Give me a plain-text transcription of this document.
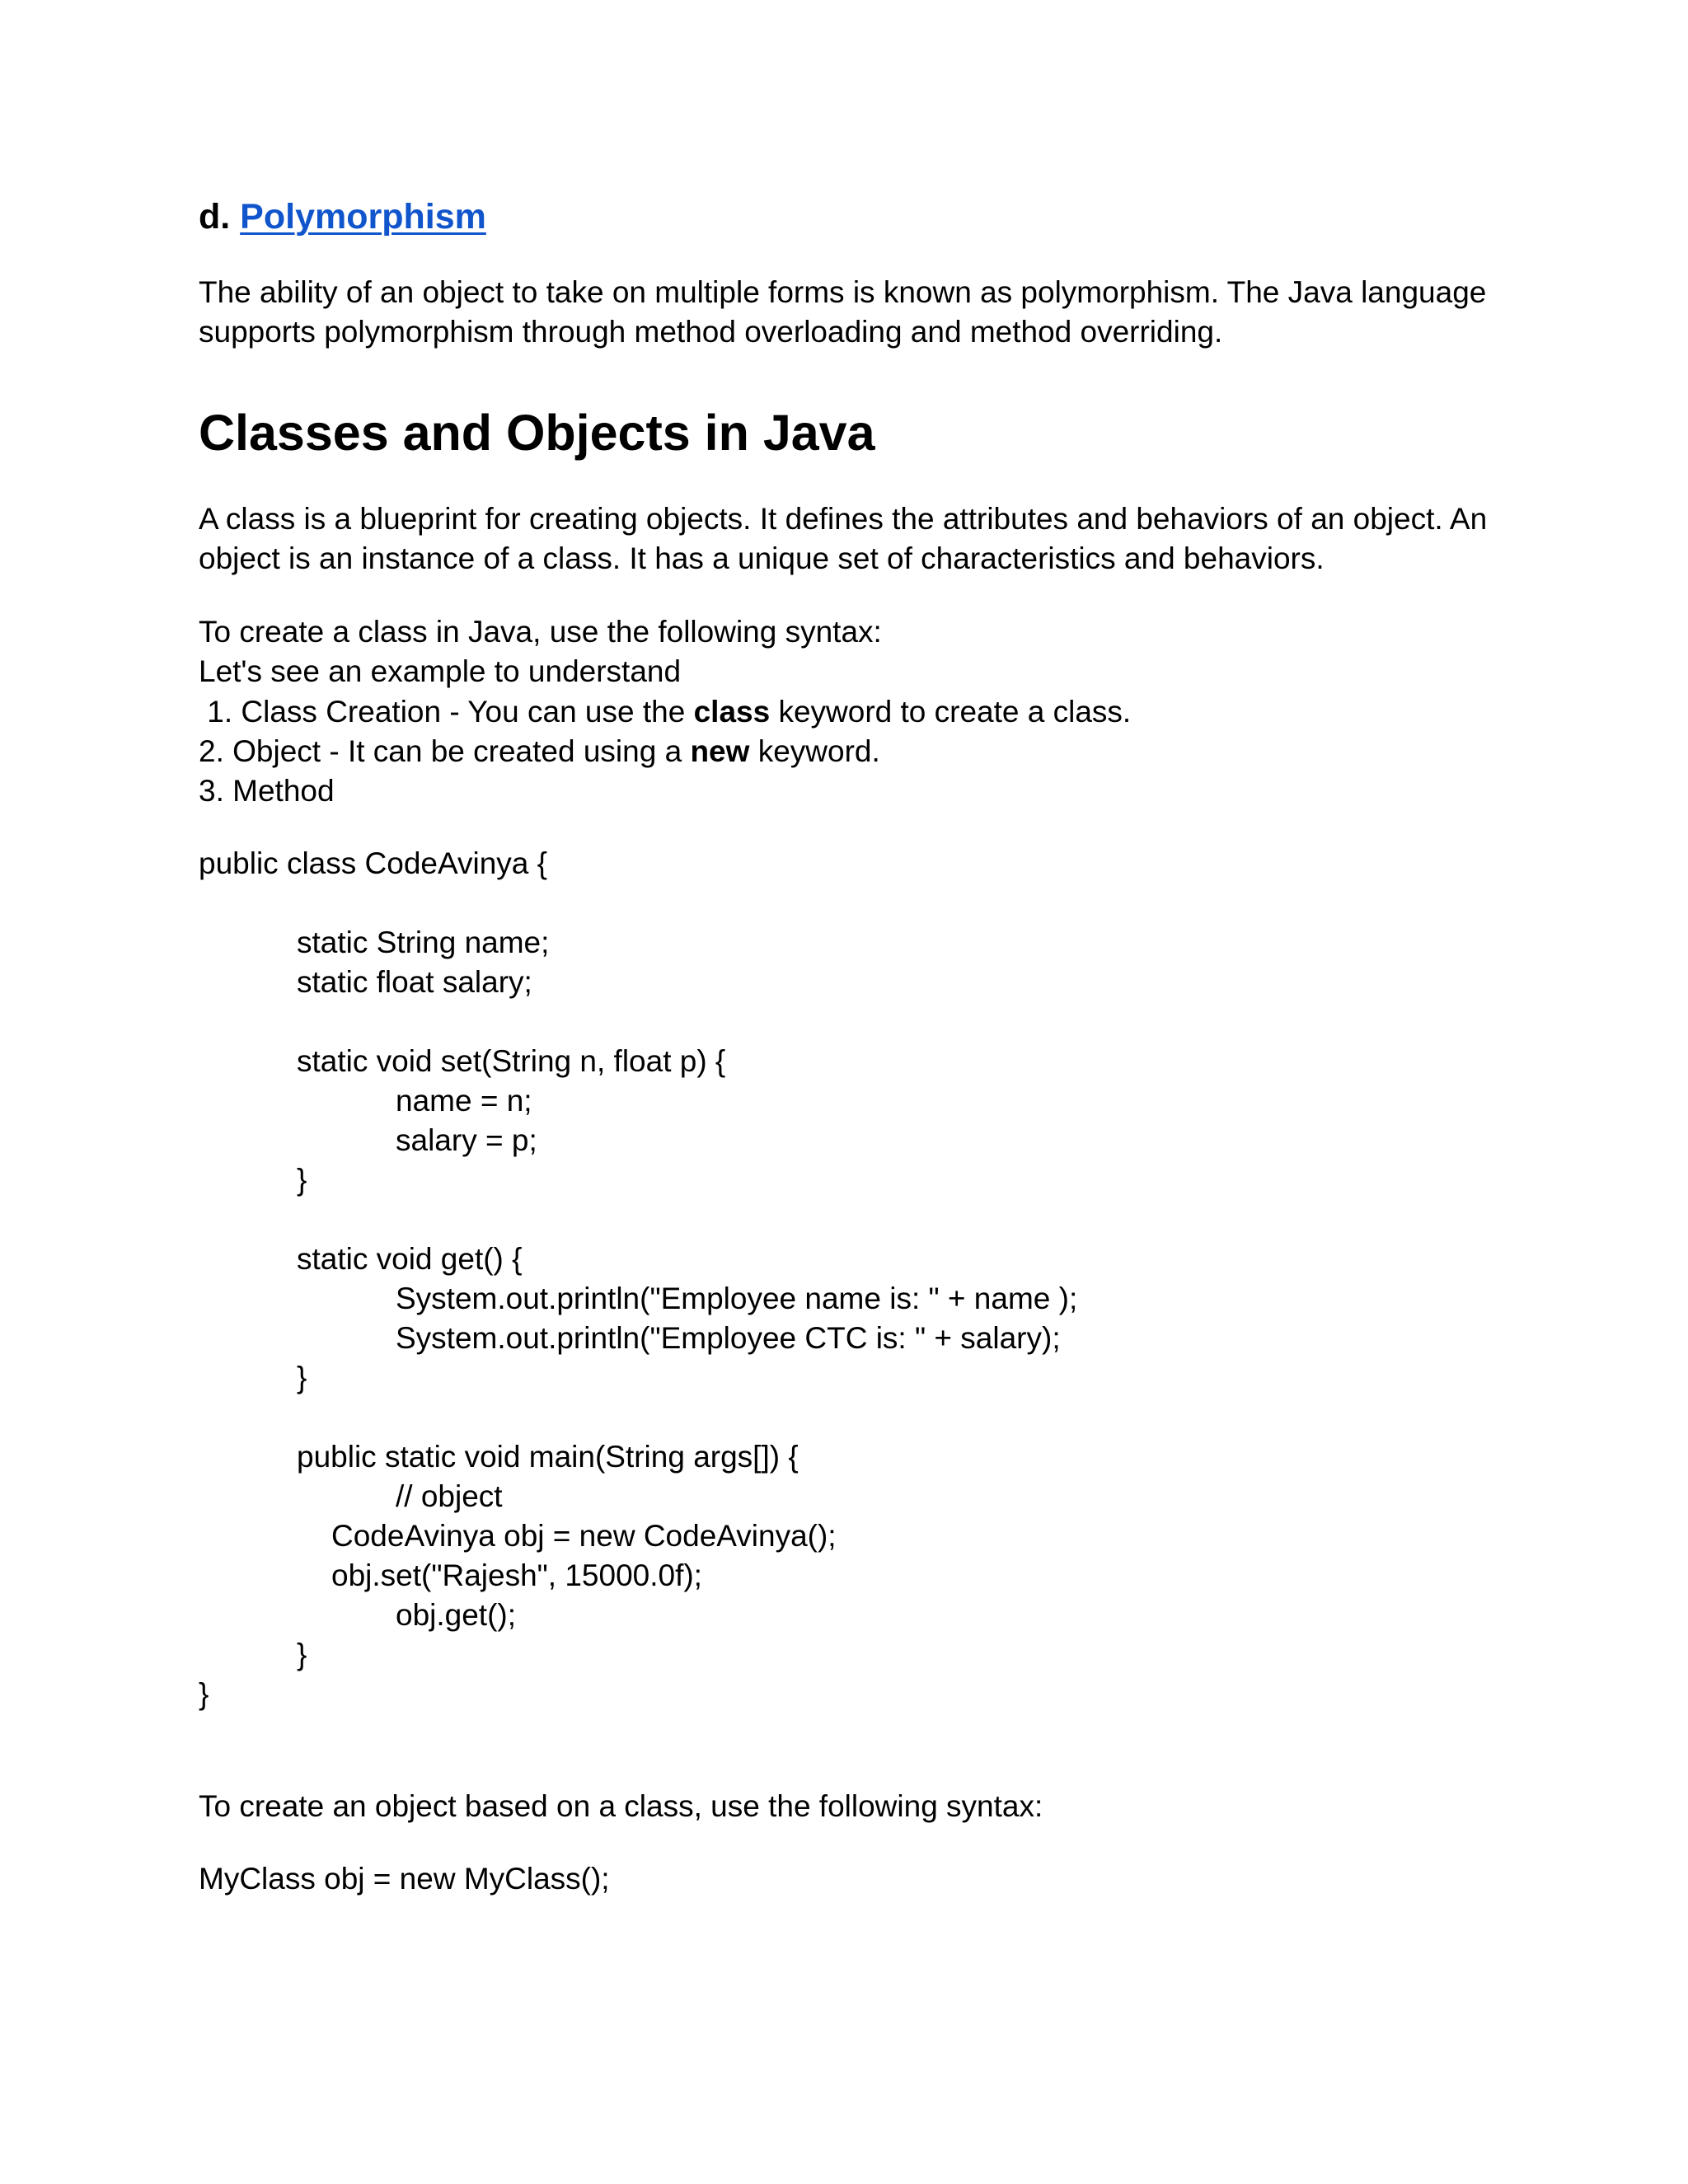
d. Polymorphism

The ability of an object to take on multiple forms is known as polymorphism. The Java language

supports polymorphism through method overloading and method overriding.

Classes and Objects in Java

A class is a blueprint for creating objects. It defines the attributes and behaviors of an object. An

object is an instance of a class. It has a unique set of characteristics and behaviors.

To create a class in Java, use the following syntax:

Let's see an example to understand

1. Class Creation - You can use the class keyword to create a class.

2. Object - It can be created using a new keyword.

3. Method

public class CodeAvinya {

static String name;

static float salary;

static void set(String n, float p) {

name = n;

salary = p;

}

static void get() {

System.out.println("Employee name is: " + name );

System.out.println("Employee CTC is: " + salary);

}

public static void main(String args[]) {

// object

CodeAvinya obj = new CodeAvinya();

obj.set("Rajesh", 15000.0f);

obj.get();

}

}

To create an object based on a class, use the following syntax:

MyClass obj = new MyClass();
